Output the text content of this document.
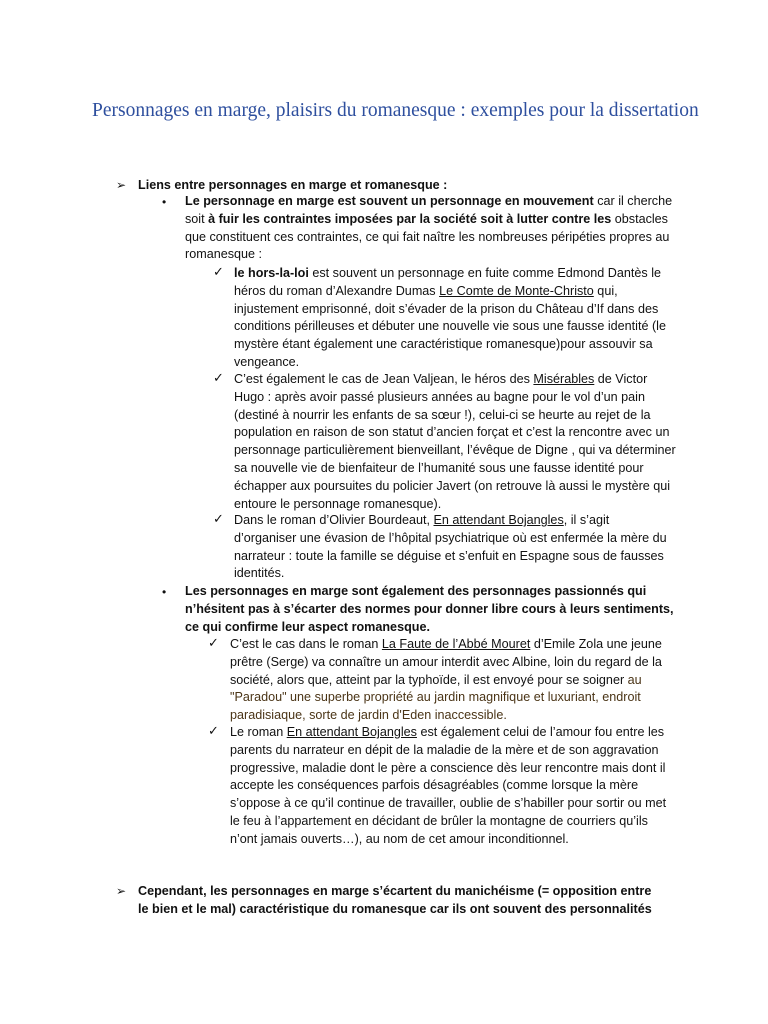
Personnages en marge, plaisirs du romanesque : exemples pour la dissertation
➢ Liens entre personnages en marge et romanesque :
• Le personnage en marge est souvent un personnage en mouvement car il cherche soit à fuir les contraintes imposées par la société soit à lutter contre les obstacles que constituent ces contraintes, ce qui fait naître les nombreuses péripéties propres au romanesque :
✓ le hors-la-loi est souvent un personnage en fuite comme Edmond Dantès le héros du roman d’Alexandre Dumas Le Comte de Monte-Christo qui, injustement emprisonné, doit s’évader de la prison du Château d’If dans des conditions périlleuses et débuter une nouvelle vie sous une fausse identité (le mystère étant également une caractéristique romanesque)pour assouvir sa vengeance.
✓ C’est également le cas de Jean Valjean, le héros des Misérables de Victor Hugo : après avoir passé plusieurs années au bagne pour le vol d’un pain (destiné à nourrir les enfants de sa sœur !), celui-ci se heurte au rejet de la population en raison de son statut d’ancien forçat et c’est la rencontre avec un personnage particulièrement bienveillant, l’évêque de Digne , qui va déterminer sa nouvelle vie de bienfaiteur de l’humanité sous une fausse identité pour échapper aux poursuites du policier Javert (on retrouve là aussi le mystère qui entoure le personnage romanesque).
✓ Dans le roman d’Olivier Bourdeaut, En attendant Bojangles, il s’agit d’organiser une évasion de l’hôpital psychiatrique où est enfermée la mère du narrateur : toute la famille se déguise et s’enfuit en Espagne sous de fausses identités.
• Les personnages en marge sont également des personnages passionnés qui n’hésitent pas à s’écarter des normes pour donner libre cours à leurs sentiments, ce qui confirme leur aspect romanesque.
✓ C’est le cas dans le roman La Faute de l’Abbé Mouret d’Emile Zola une jeune prêtre (Serge) va connaître un amour interdit avec Albine, loin du regard de la société, alors que, atteint par la typhoïde, il est envoyé pour se soigner au "Paradou" une superbe propriété au jardin magnifique et luxuriant, endroit paradisiaque, sorte de jardin d'Eden inaccessible.
✓ Le roman En attendant Bojangles est également celui de l’amour fou entre les parents du narrateur en dépit de la maladie de la mère et de son aggravation progressive, maladie dont le père a conscience dès leur rencontre mais dont il accepte les conséquences parfois désagréables (comme lorsque la mère s’oppose à ce qu’il continue de travailler, oublie de s’habiller pour sortir ou met le feu à l’appartement en décidant de brûler la montagne de courriers qu’ils n’ont jamais ouverts…), au nom de cet amour inconditionnel.
➢ Cependant, les personnages en marge s’écartent du manichéisme (= opposition entre le bien et le mal) caractéristique du romanesque car ils ont souvent des personnalités
